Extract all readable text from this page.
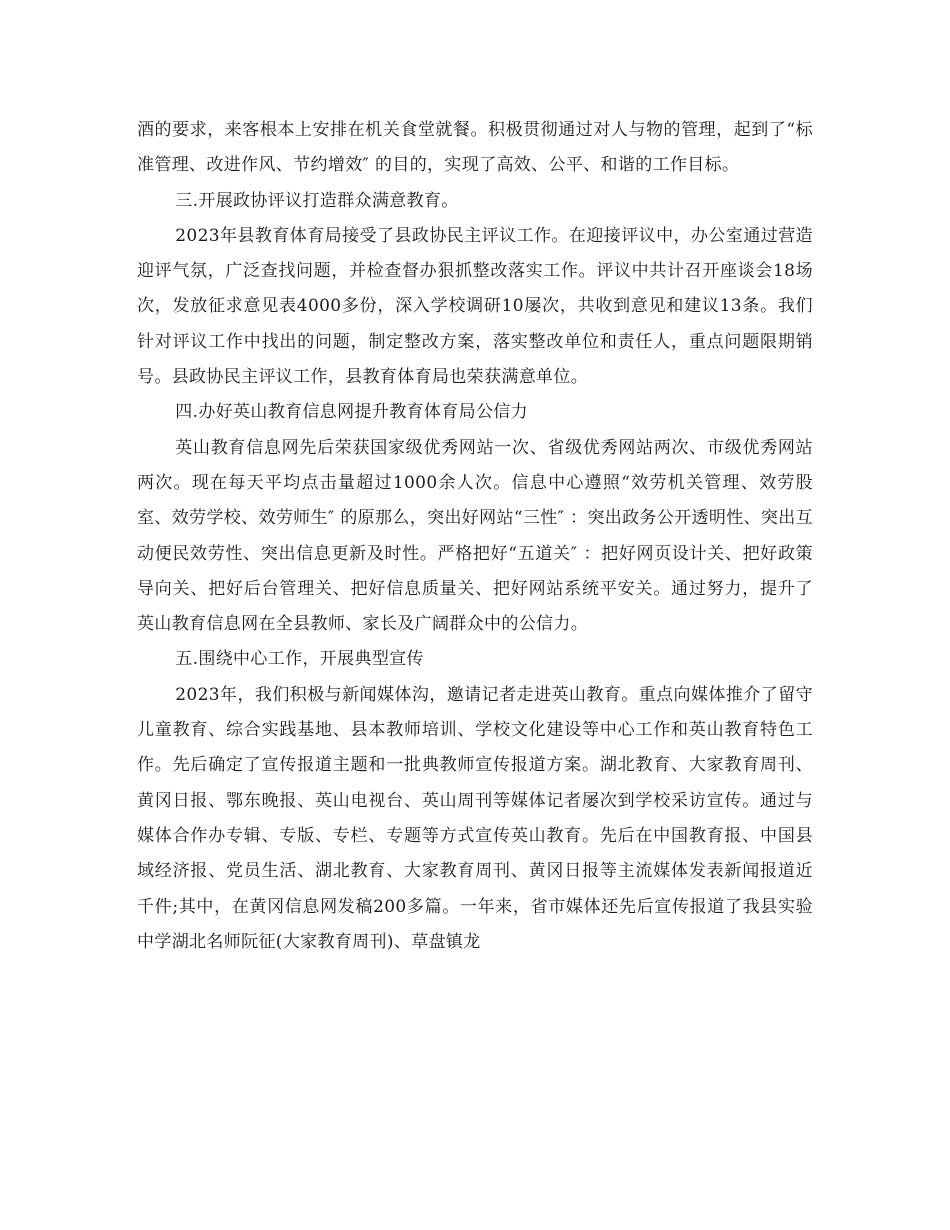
酒的要求，来客根本上安排在机关食堂就餐。积极贯彻通过对人与物的管理，起到了“标准管理、改进作风、节约增效″ 的目的，实现了高效、公平、和谐的工作目标。

三.开展政协评议打造群众满意教育。

2023年县教育体育局接受了县政协民主评议工作。在迎接评议中，办公室通过营造迎评气氛，广泛查找问题，并检查督办狠抓整改落实工作。评议中共计召开座谈会18场次，发放征求意见表4000多份，深入学校调研10屡次，共收到意见和建议13条。我们针对评议工作中找出的问题，制定整改方案，落实整改单位和责任人，重点问题限期销号。县政协民主评议工作，县教育体育局也荣获满意单位。

四.办好英山教育信息网提升教育体育局公信力

英山教育信息网先后荣获国家级优秀网站一次、省级优秀网站两次、市级优秀网站两次。现在每天平均点击量超过1000余人次。信息中心遵照“效劳机关管理、效劳股室、效劳学校、效劳师生″ 的原那么，突出好网站“三性″ ：突出政务公开透明性、突出互动便民效劳性、突出信息更新及时性。严格把好“五道关″ ：把好网页设计关、把好政策导向关、把好后台管理关、把好信息质量关、把好网站系统平安关。通过努力，提升了英山教育信息网在全县教师、家长及广阔群众中的公信力。

五.围绕中心工作，开展典型宣传

2023年，我们积极与新闻媒体沟，邀请记者走进英山教育。重点向媒体推介了留守儿童教育、综合实践基地、县本教师培训、学校文化建设等中心工作和英山教育特色工作。先后确定了宣传报道主题和一批典教师宣传报道方案。湖北教育、大家教育周刊、黄冈日报、鄂东晚报、英山电视台、英山周刊等媒体记者屡次到学校采访宣传。通过与媒体合作办专辑、专版、专栏、专题等方式宣传英山教育。先后在中国教育报、中国县域经济报、党员生活、湖北教育、大家教育周刊、黄冈日报等主流媒体发表新闻报道近千件;其中，在黄冈信息网发稿200多篇。一年来，省市媒体还先后宣传报道了我县实验中学湖北名师阮征(大家教育周刊)、草盘镇龙
